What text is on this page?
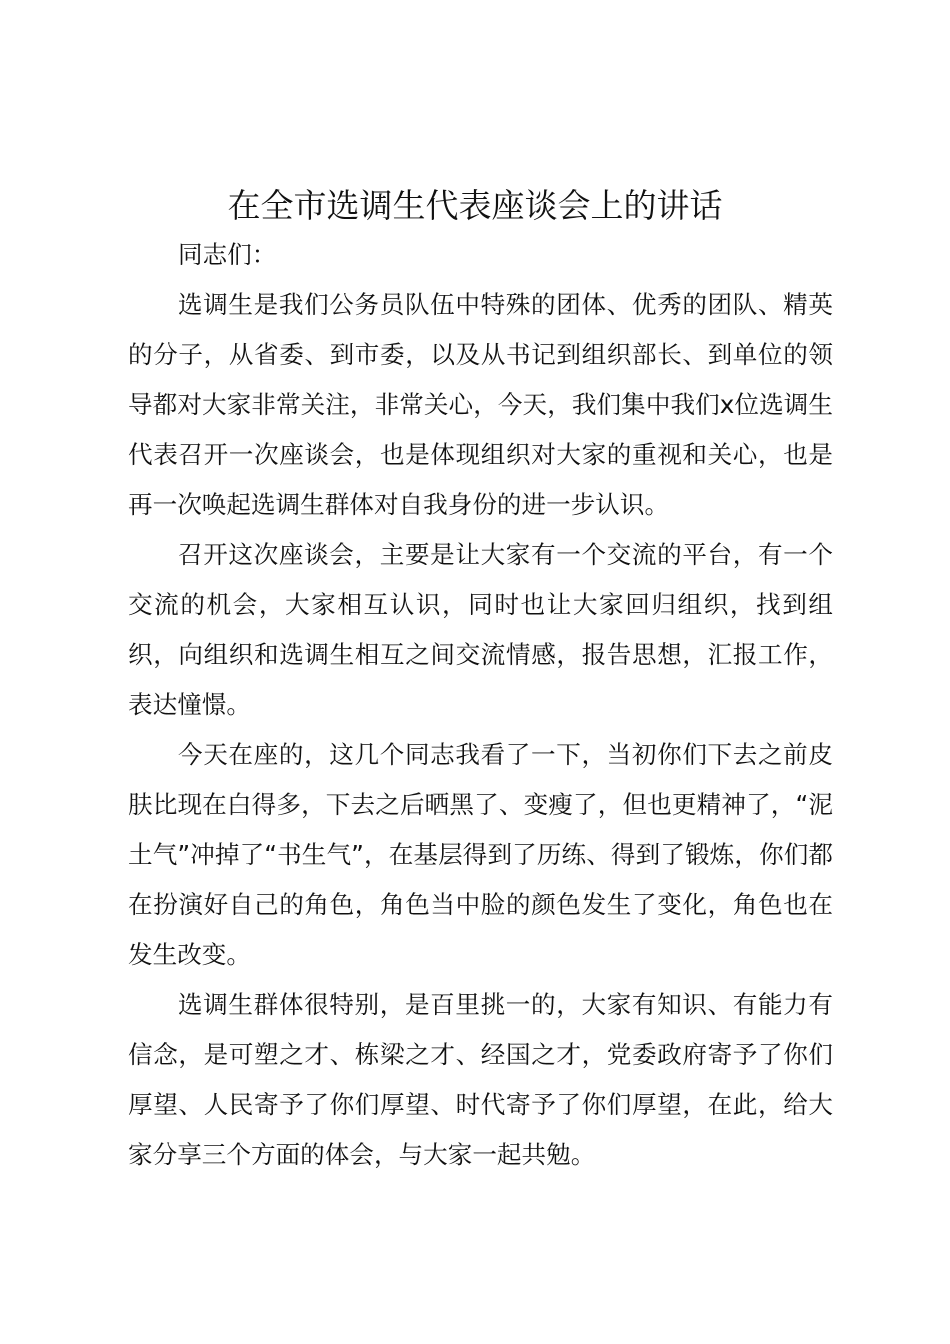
在全市选调生代表座谈会上的讲话

同志们：

选调生是我们公务员队伍中特殊的团体、优秀的团队、精英的分子，从省委、到市委，以及从书记到组织部长、到单位的领导都对大家非常关注，非常关心，今天，我们集中我们x位选调生代表召开一次座谈会，也是体现组织对大家的重视和关心，也是再一次唤起选调生群体对自我身份的进一步认识。

召开这次座谈会，主要是让大家有一个交流的平台，有一个交流的机会，大家相互认识，同时也让大家回归组织，找到组织，向组织和选调生相互之间交流情感，报告思想，汇报工作，表达憧憬。

今天在座的，这几个同志我看了一下，当初你们下去之前皮肤比现在白得多，下去之后晒黑了、变瘦了，但也更精神了，“泥土气”冲掉了“书生气”，在基层得到了历练、得到了锻炼，你们都在扮演好自己的角色，角色当中脸的颜色发生了变化，角色也在发生改变。

选调生群体很特别，是百里挑一的，大家有知识、有能力有信念，是可塑之才、栋梁之才、经国之才，党委政府寄予了你们厚望、人民寄予了你们厚望、时代寄予了你们厚望，在此，给大家分享三个方面的体会，与大家一起共勉。
